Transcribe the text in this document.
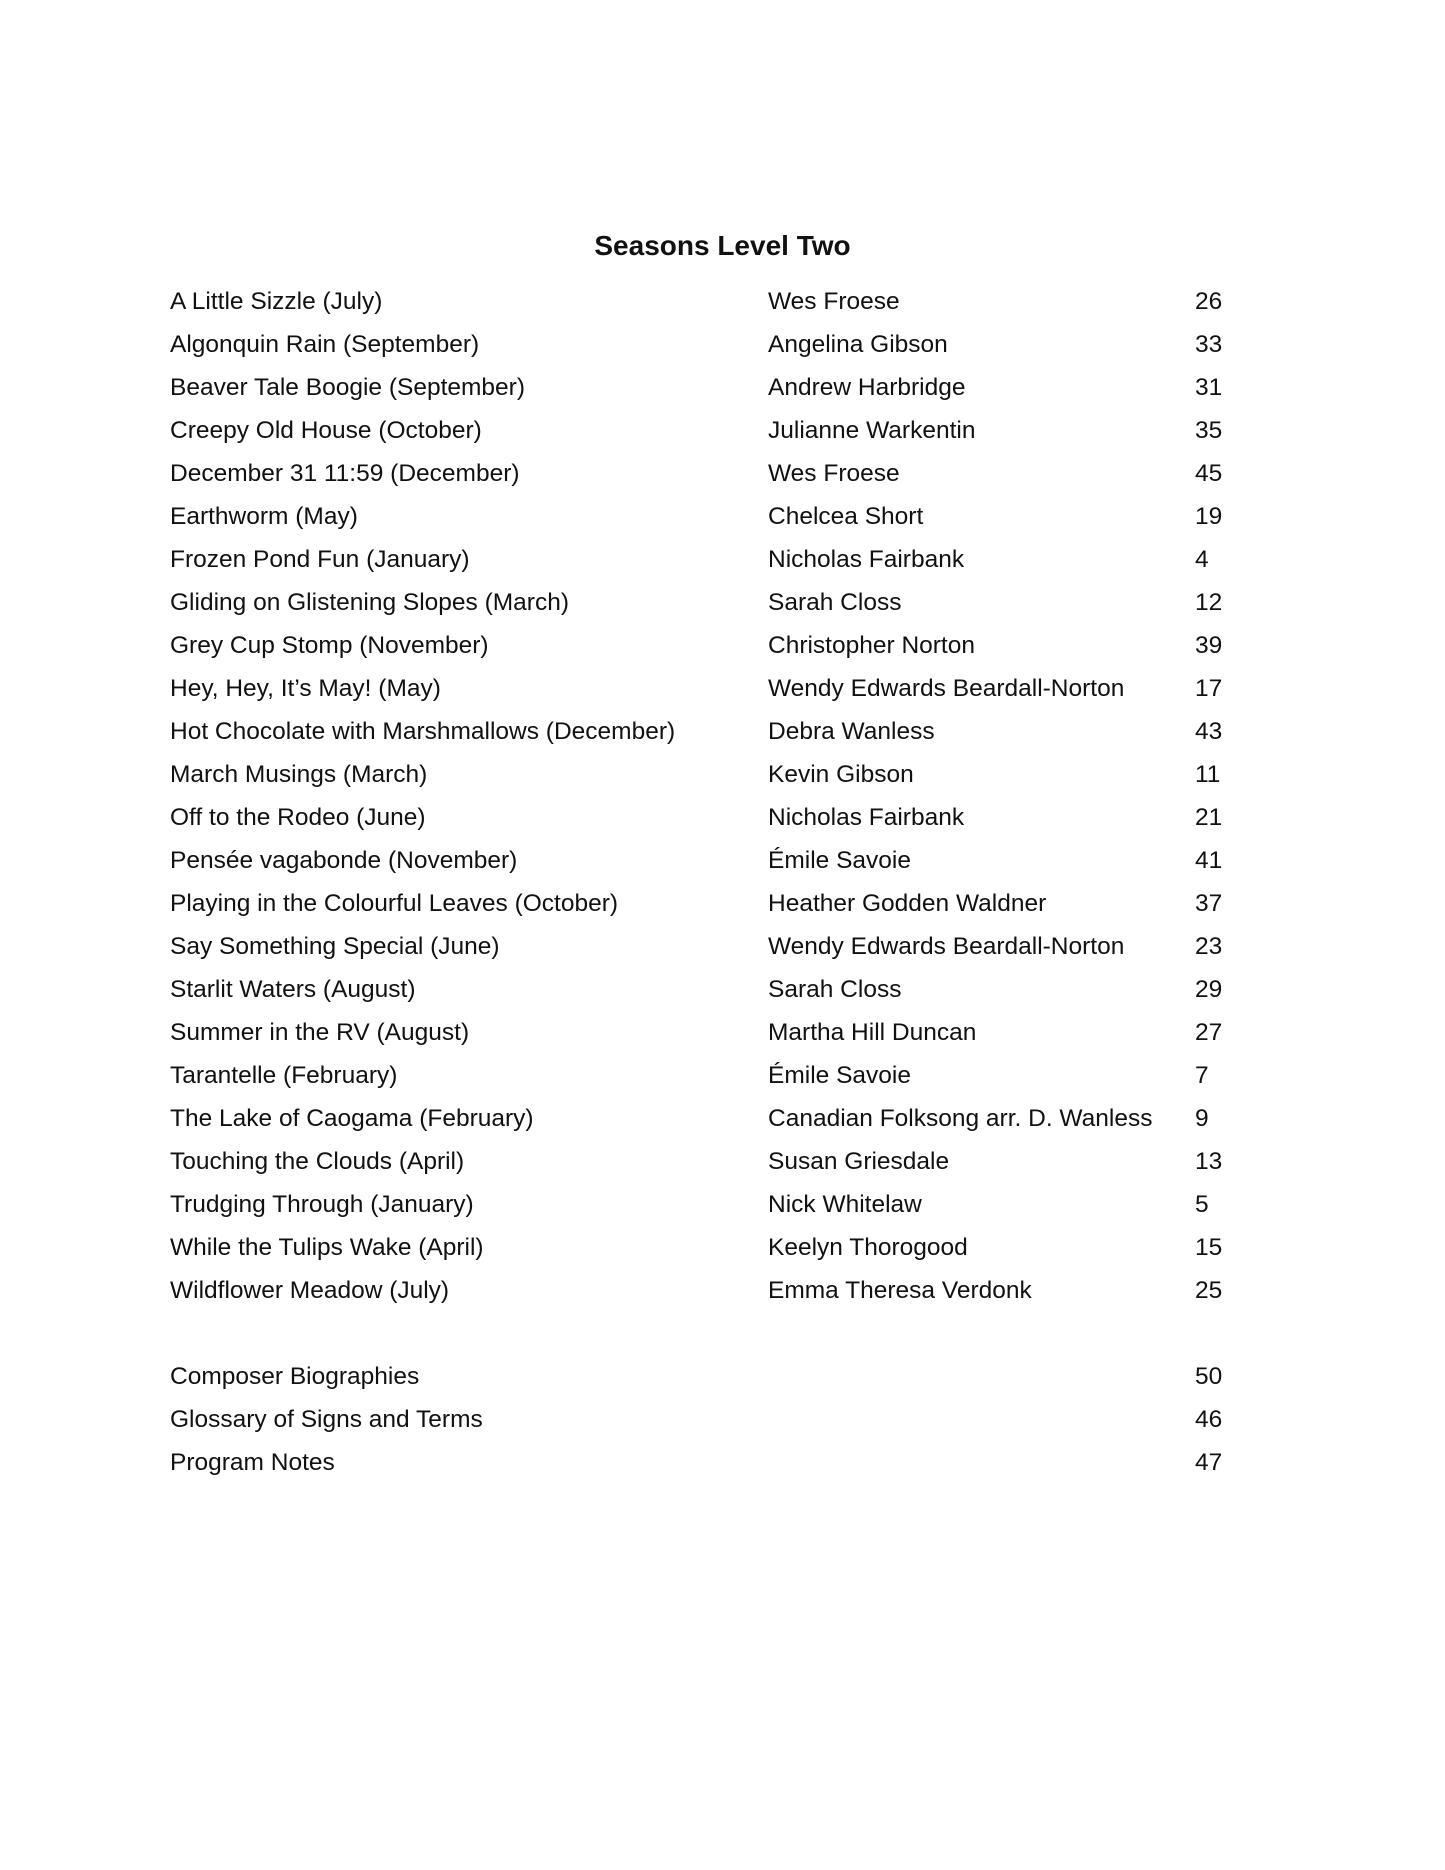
Seasons Level Two
A Little Sizzle (July)	Wes Froese	26
Algonquin Rain (September)	Angelina Gibson	33
Beaver Tale Boogie (September)	Andrew Harbridge	31
Creepy Old House (October)	Julianne Warkentin	35
December 31 11:59 (December)	Wes Froese	45
Earthworm (May)	Chelcea Short	19
Frozen Pond Fun (January)	Nicholas Fairbank	4
Gliding on Glistening Slopes (March)	Sarah Closs	12
Grey Cup Stomp (November)	Christopher Norton	39
Hey, Hey, It’s May! (May)	Wendy Edwards Beardall-Norton	17
Hot Chocolate with Marshmallows (December)	Debra Wanless	43
March Musings (March)	Kevin Gibson	11
Off to the Rodeo (June)	Nicholas Fairbank	21
Pensée vagabonde (November)	Émile Savoie	41
Playing in the Colourful Leaves (October)	Heather Godden Waldner	37
Say Something Special (June)	Wendy Edwards Beardall-Norton	23
Starlit Waters (August)	Sarah Closs	29
Summer in the RV (August)	Martha Hill Duncan	27
Tarantelle (February)	Émile Savoie	7
The Lake of Caogama (February)	Canadian Folksong arr. D. Wanless 9
Touching the Clouds (April)	Susan Griesdale	13
Trudging Through (January)	Nick Whitelaw	5
While the Tulips Wake (April)	Keelyn Thorogood	15
Wildflower Meadow (July)	Emma Theresa Verdonk	25
Composer Biographies	50
Glossary of Signs and Terms	46
Program Notes	47
